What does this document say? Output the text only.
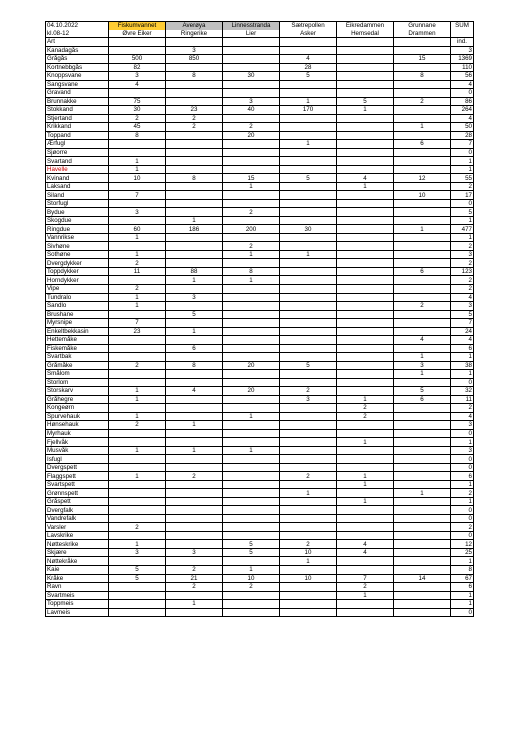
04.10.2022	Fiskumvannet	Averøya	Linnesstranda	Sætrepollen	Eikredammen	Grunnane	SUM
kl.08-12	Øvre Eiker	Ringerike	Lier	Asker	Hemsedal	Drammen	
Art							ind.
Kanadagås		3					3
Grågås	500	850		4		15	1369
Kortnebbgås	82			28			110
Knoppsvane	3	8	30	5		8	56
Sangsvane	4						4
Gravand							0
Brunnakke	75		3	1	5	2	86
Stokkand	30	23	40	170	1		264
Stjertand	2	2					4
Krikkand	45	2	2			1	50
Toppand	8		20				28
Ærfugl				1		6	7
Sjøorre							0
Svartand	1						1
Havelle	1						1
Kvinand	10	8	15	5	4	12	55
Laksand			1		1		2
Siland	7					10	17
Storfugl							0
Bydue	3		2				5
Skogdue		1					1
Ringdue	60	186	200	30		1	477
Vannrikse	1						1
Sivhøne			2				2
Sothøne	1		1	1			3
Dvergdykker	2						2
Toppdykker	11	88	8			6	123
Horndykker		1	1				2
Vipe	2						2
Tundralo	1	3					4
Sandlo	1					2	3
Brushane		5					5
Myrsnipe	7						7
Enkeltbekkasin	23	1					24
Hettemåke						4	4
Fiskemåke		6					6
Svartbak						1	1
Gråmåke	2	8	20	5		3	38
Smålom						1	1
Storlom							0
Storskarv	1	4	20	2		5	32
Gråhegre	1			3	1	6	11
Kongeørn					2		2
Spurvehauk	1		1		2		4
Hønsehauk	2	1					3
Myrhauk							0
Fjellvåk					1		1
Musvåk	1	1	1				3
Isfugl							0
Dvergspett							0
Flaggspett	1	2		2	1		6
Svartspett					1		1
Grønnspett				1		1	2
Gråspett					1		1
Dvergfalk							0
Vandrefalk							0
Varsler	2						2
Lavskrike							0
Nøtteskrike	1		5	2	4		12
Skjære	3	3	5	10	4		25
Nøttekråke				1			1
Kaie	5	2	1				8
Kråke	5	21	10	10	7	14	67
Ravn		2	2		2		6
Svartmeis					1		1
Toppmeis		1					1
Lavmeis							0
